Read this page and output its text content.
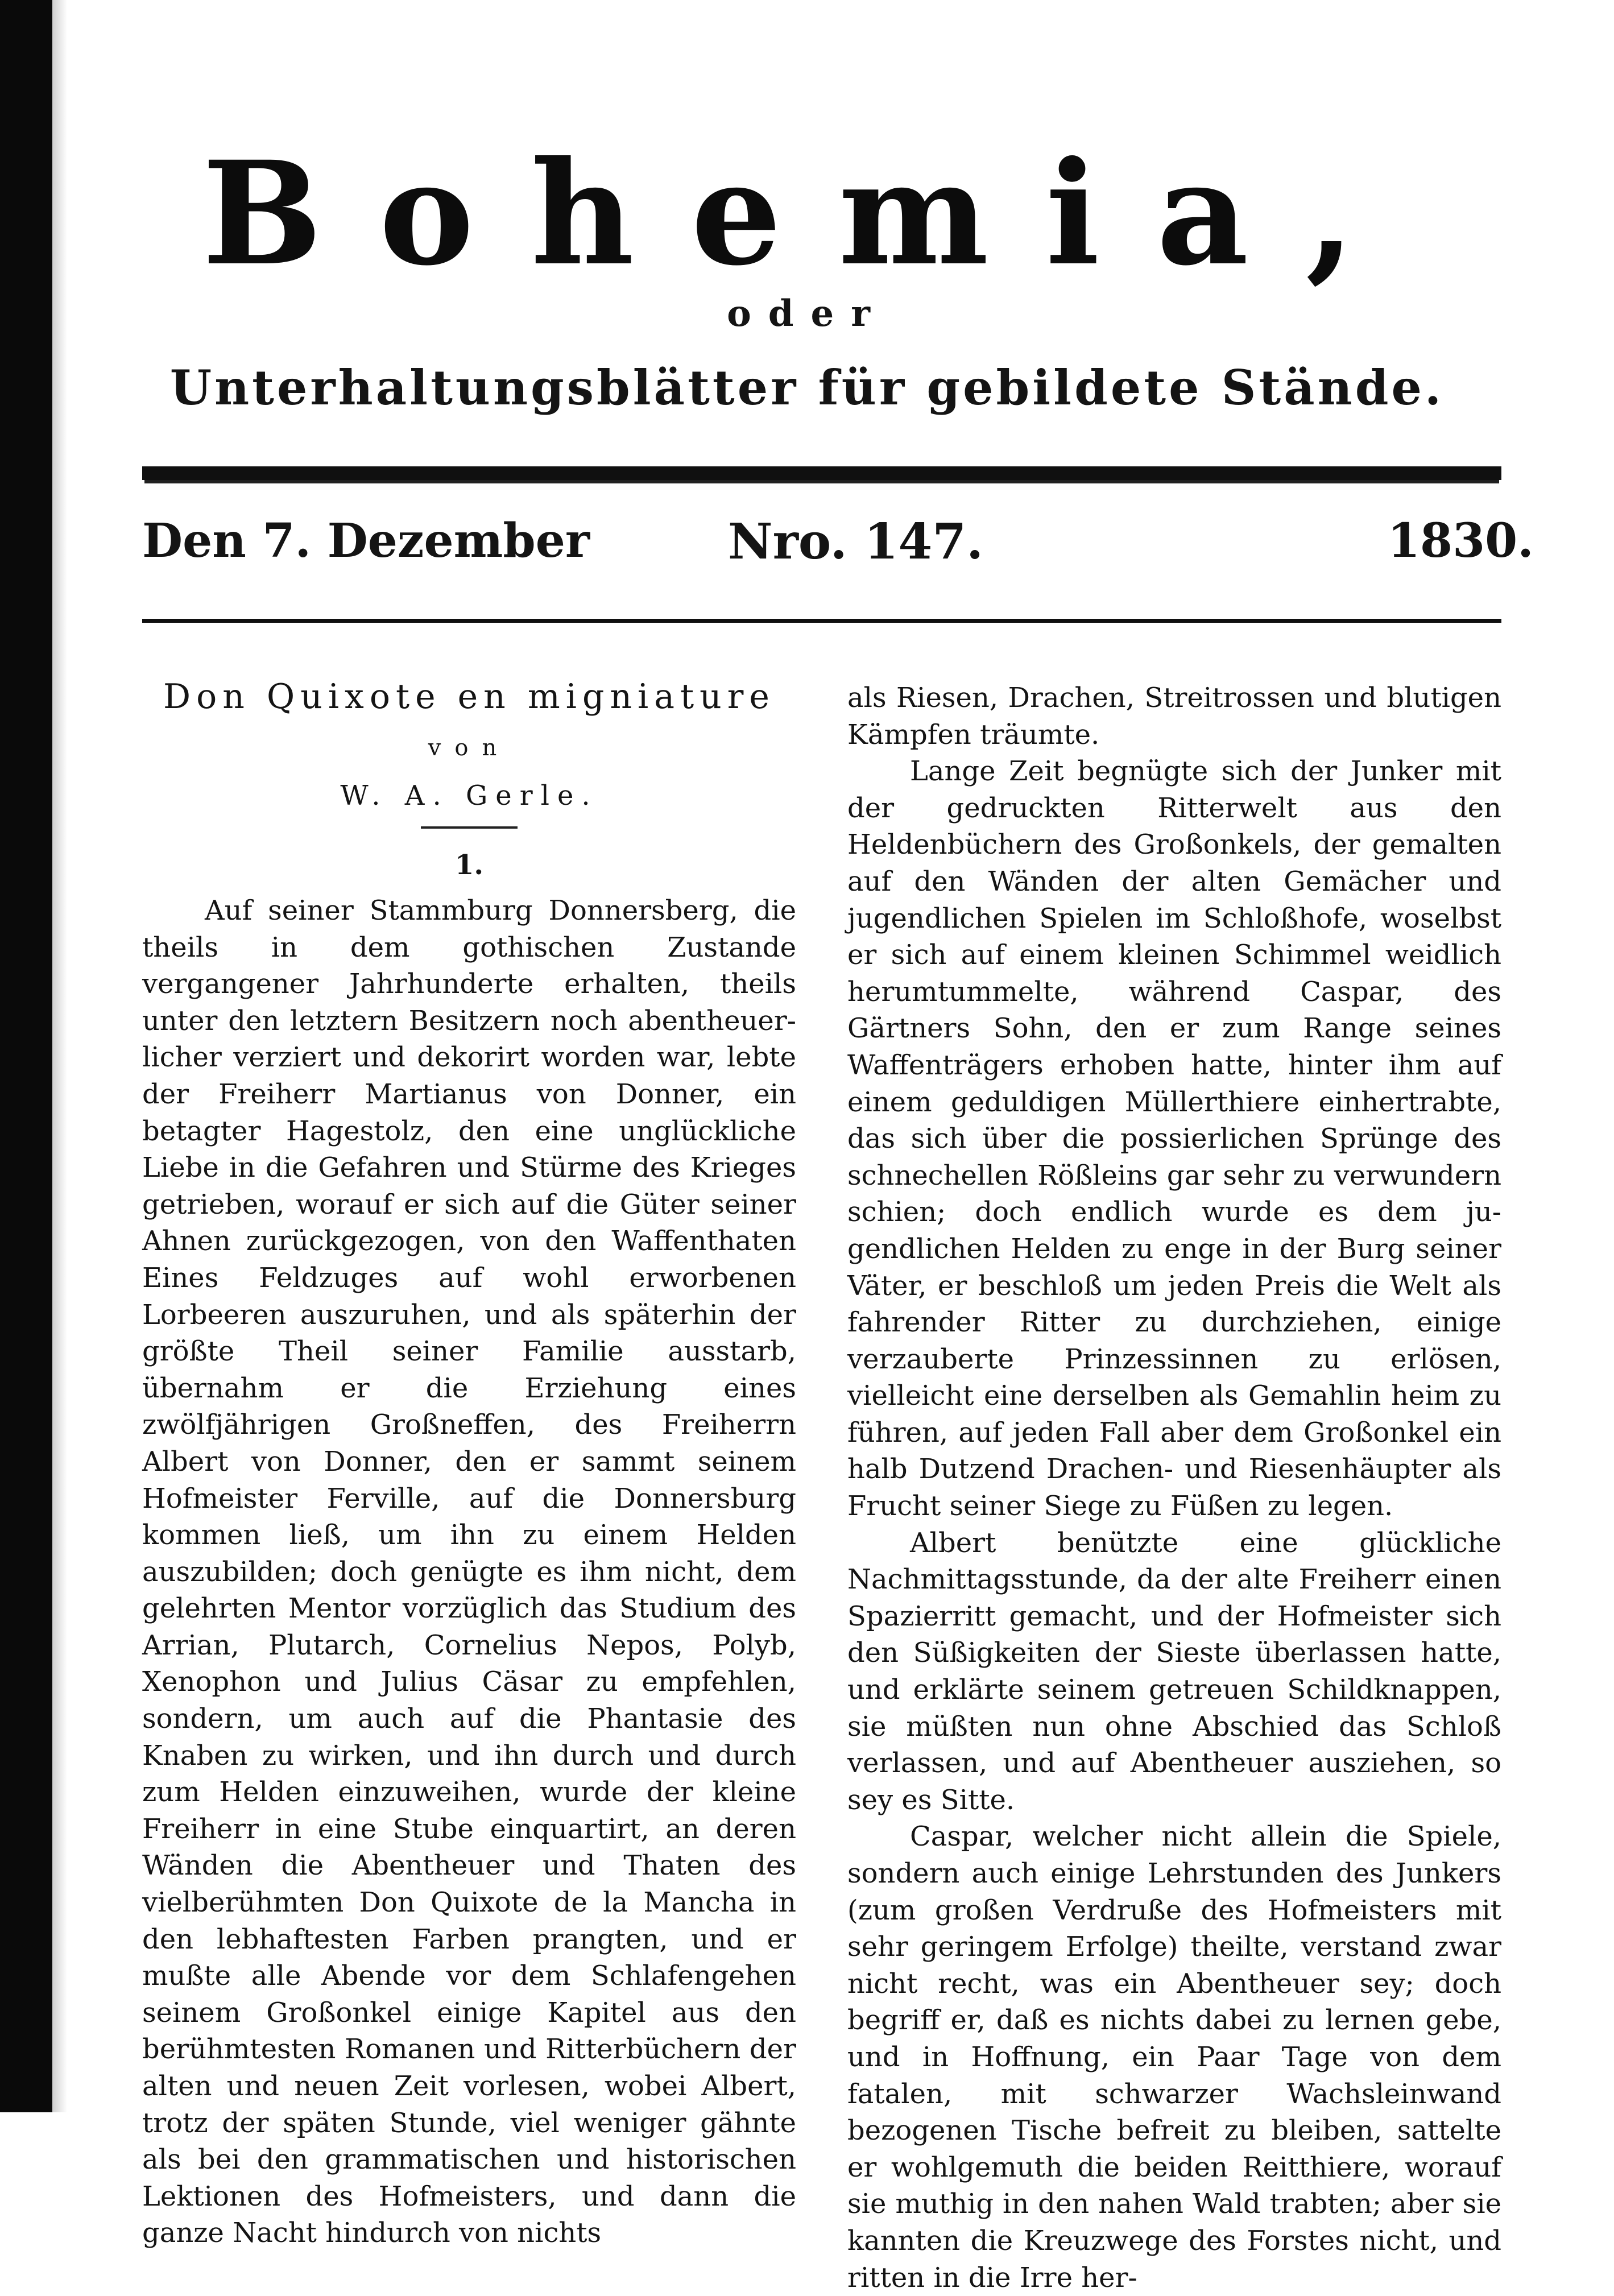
Bohemia,
oder
Unterhaltungsblätter für gebildete Stände.
Den 7. Dezember	Nro. 147.	1830.
Don Quixote en migniature
von
W. A. Gerle.
1.

Auf seiner Stammburg Donnersberg, die theils in dem gothischen Zustande vergangener Jahrhunderte erhalten, theils unter den letztern Besitzern noch abentheuerlicher verziert und dekorirt worden war, lebte der Freiherr Martianus von Donner, ein betagter Hagestolz, den eine unglückliche Liebe in die Gefahren und Stürme des Krieges getrieben, worauf er sich auf die Güter seiner Ahnen zurückgezogen, von den Waffenthaten Eines Feldzuges auf wohl erworbenen Lorbeeren auszuruhen, und als späterhin der größte Theil seiner Familie ausstarb, übernahm er die Erziehung eines zwölfjährigen Großneffen, des Freiherrn Albert von Donner, den er sammt seinem Hofmeister Ferville, auf die Donnersburg kommen ließ, um ihn zu einem Helden auszubilden; doch genügte es ihm nicht, dem gelehrten Mentor vorzüglich das Studium des Arrian, Plutarch, Cornelius Nepos, Polyb, Xenophon und Julius Cäsar zu empfehlen, sondern, um auch auf die Phantasie des Knaben zu wirken, und ihn durch und durch zum Helden einzuweihen, wurde der kleine Freiherr in eine Stube einquartirt, an deren Wänden die Abentheuer und Thaten des vielberühmten Don Quixote de la Mancha in den lebhaftesten Farben prangten, und er mußte alle Abende vor dem Schlafengehen seinem Großonkel einige Kapitel aus den berühmtesten Romanen und Ritterbüchern der alten und neuen Zeit vorlesen, wobei Albert, trotz der späten Stunde, viel weniger gähnte als bei den grammatischen und historischen Lektionen des Hofmeisters, und dann die ganze Nacht hindurch von nichts

als Riesen, Drachen, Streitrossen und blutigen Kämpfen träumte.

Lange Zeit begnügte sich der Junker mit der gedruckten Ritterwelt aus den Heldenbüchern des Großonkels, der gemalten auf den Wänden der alten Gemächer und jugendlichen Spielen im Schloßhofe, woselbst er sich auf einem kleinen Schimmel weidlich herumtummelte, während Caspar, des Gärtners Sohn, den er zum Range seines Waffenträgers erhoben hatte, hinter ihm auf einem geduldigen Müllerthiere einhertrabte, das sich über die possierlichen Sprünge des schnechellen Rößleins gar sehr zu verwundern schien; doch endlich wurde es dem jugendlichen Helden zu enge in der Burg seiner Väter, er beschloß um jeden Preis die Welt als fahrender Ritter zu durchziehen, einige verzauberte Prinzessinnen zu erlösen, vielleicht eine derselben als Gemahlin heim zu führen, auf jeden Fall aber dem Großonkel ein halb Dutzend Drachen- und Riesenhäupter als Frucht seiner Siege zu Füßen zu legen.

Albert benützte eine glückliche Nachmittagsstunde, da der alte Freiherr einen Spazierritt gemacht, und der Hofmeister sich den Süßigkeiten der Sieste überlassen hatte, und erklärte seinem getreuen Schildknappen, sie müßten nun ohne Abschied das Schloß verlassen, und auf Abentheuer ausziehen, so sey es Sitte.

Caspar, welcher nicht allein die Spiele, sondern auch einige Lehrstunden des Junkers (zum großen Verdruße des Hofmeisters mit sehr geringem Erfolge) theilte, verstand zwar nicht recht, was ein Abentheuer sey; doch begriff er, daß es nichts dabei zu lernen gebe, und in Hoffnung, ein Paar Tage von dem fatalen, mit schwarzer Wachsleinwand bezogenen Tische befreit zu bleiben, sattelte er wohlgemuth die beiden Reitthiere, worauf sie muthig in den nahen Wald trabten; aber sie kannten die Kreuzwege des Forstes nicht, und ritten in die Irre her-
